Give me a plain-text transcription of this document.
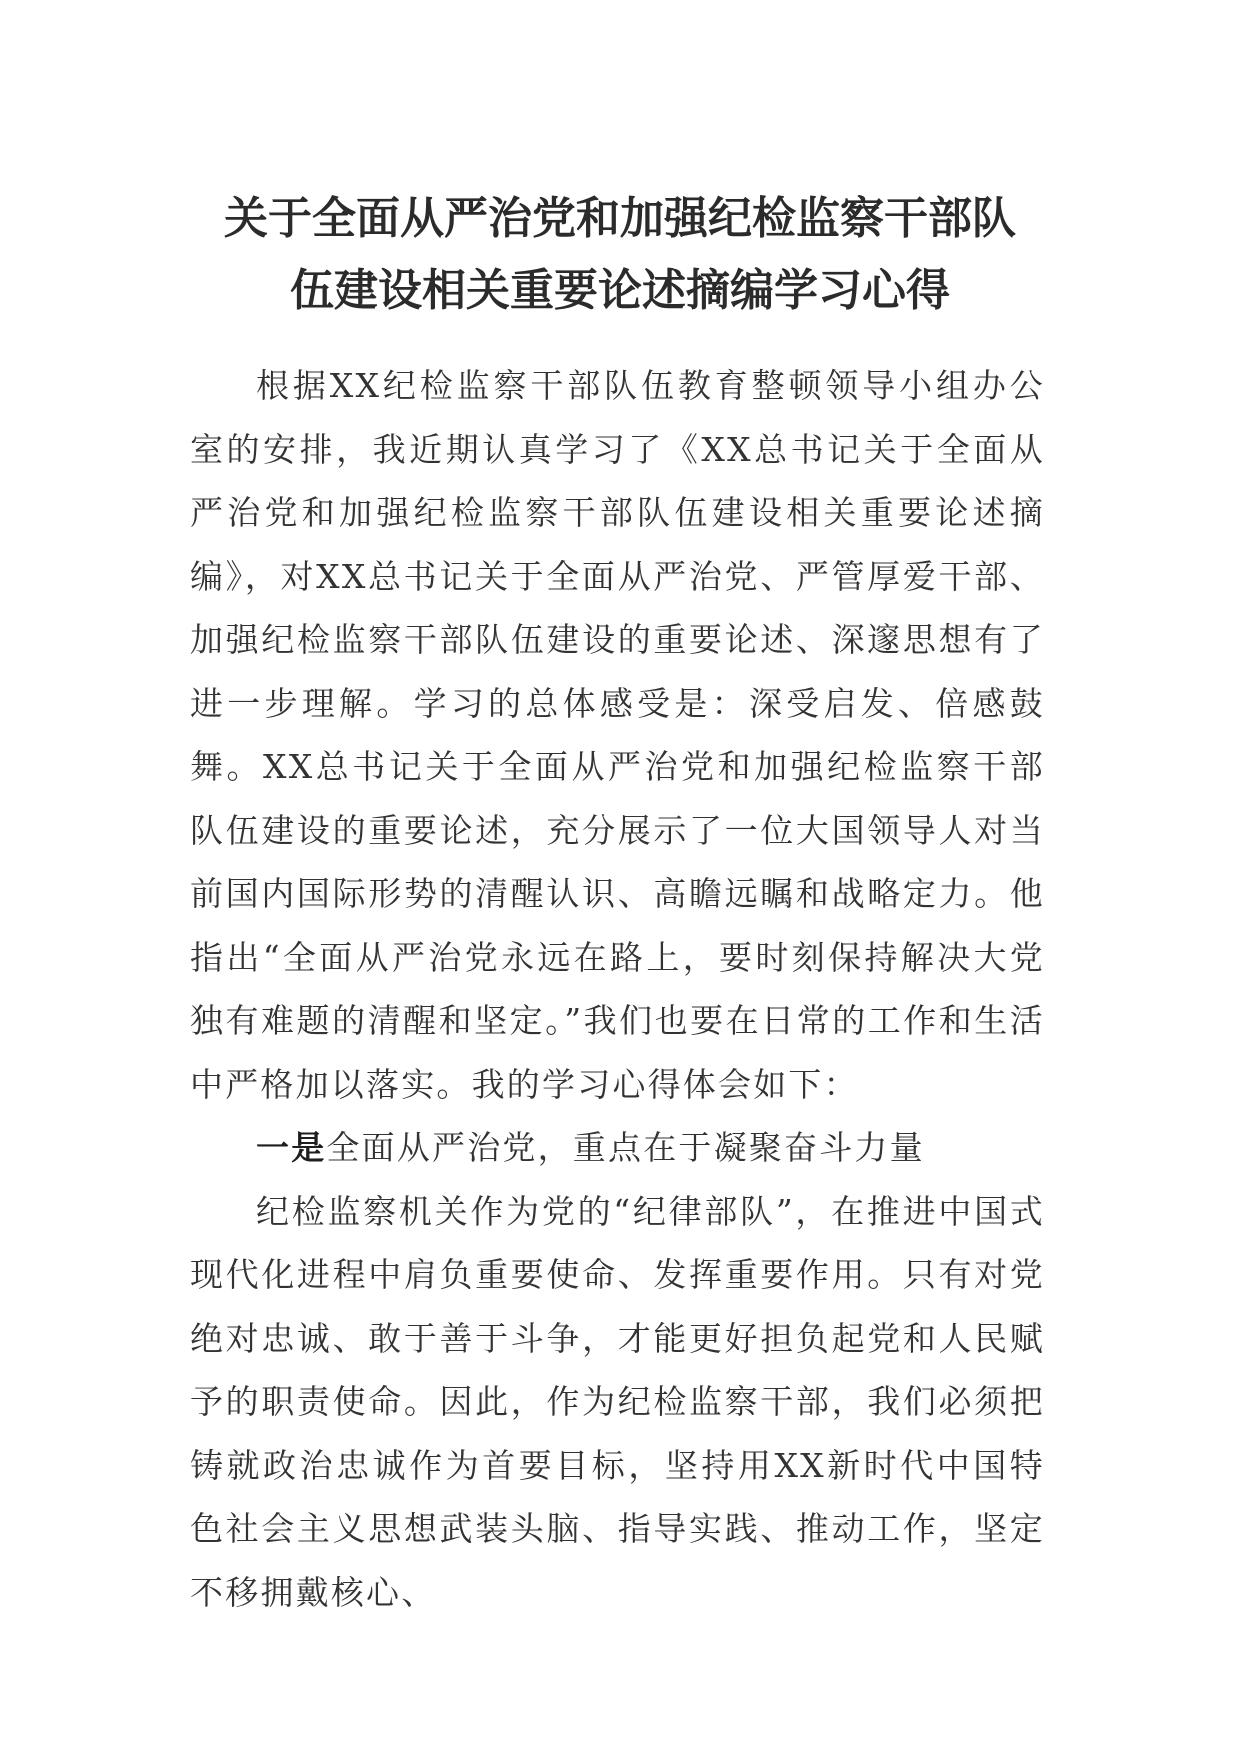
关于全面从严治党和加强纪检监察干部队
伍建设相关重要论述摘编学习心得

根据XX纪检监察干部队伍教育整顿领导小组办公室的安排，我近期认真学习了《XX总书记关于全面从严治党和加强纪检监察干部队伍建设相关重要论述摘编》，对XX总书记关于全面从严治党、严管厚爱干部、加强纪检监察干部队伍建设的重要论述、深邃思想有了进一步理解。学习的总体感受是：深受启发、倍感鼓舞。XX总书记关于全面从严治党和加强纪检监察干部队伍建设的重要论述，充分展示了一位大国领导人对当前国内国际形势的清醒认识、高瞻远瞩和战略定力。他指出“全面从严治党永远在路上，要时刻保持解决大党独有难题的清醒和坚定。”我们也要在日常的工作和生活中严格加以落实。我的学习心得体会如下：

一是全面从严治党，重点在于凝聚奋斗力量

纪检监察机关作为党的“纪律部队”，在推进中国式现代化进程中肩负重要使命、发挥重要作用。只有对党绝对忠诚、敢于善于斗争，才能更好担负起党和人民赋予的职责使命。因此，作为纪检监察干部，我们必须把铸就政治忠诚作为首要目标，坚持用XX新时代中国特色社会主义思想武装头脑、指导实践、推动工作，坚定不移拥戴核心、
